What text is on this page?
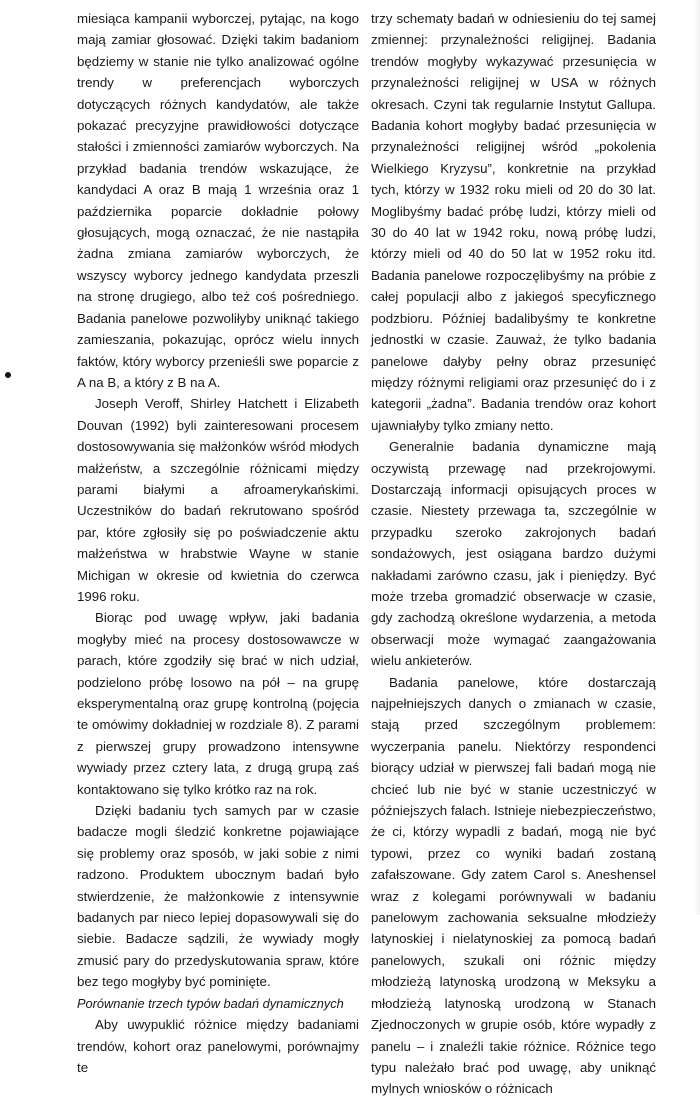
miesiąca kampanii wyborczej, pytając, na kogo mają zamiar głosować. Dzięki takim badaniom będziemy w stanie nie tylko analizować ogólne trendy w preferencjach wyborczych dotyczących różnych kandydatów, ale także pokazać precyzyjne prawidłowości dotyczące stałości i zmienności zamiarów wyborczych. Na przykład badania trendów wskazujące, że kandydaci A oraz B mają 1 września oraz 1 października poparcie dokładnie połowy głosujących, mogą oznaczać, że nie nastąpiła żadna zmiana zamiarów wyborczych, że wszyscy wyborcy jednego kandydata przeszli na stronę drugiego, albo też coś pośredniego. Badania panelowe pozwoliłyby uniknąć takiego zamieszania, pokazując, oprócz wielu innych faktów, który wyborcy przenieśli swe poparcie z A na B, a który z B na A.

Joseph Veroff, Shirley Hatchett i Elizabeth Douvan (1992) byli zainteresowani procesem dostosowywania się małżonków wśród młodych małżeństw, a szczególnie różnicami między parami białymi a afroamerykańskimi. Uczestników do badań rekrutowano spośród par, które zgłosiły się po poświadczenie aktu małżeństwa w hrabstwie Wayne w stanie Michigan w okresie od kwietnia do czerwca 1996 roku.

Biorąc pod uwagę wpływ, jaki badania mogłyby mieć na procesy dostosowawcze w parach, które zgodziły się brać w nich udział, podzielono próbę losowo na pół – na grupę eksperymentalną oraz grupę kontrolną (pojęcia te omówimy dokładniej w rozdziale 8). Z parami z pierwszej grupy prowadzono intensywne wywiady przez cztery lata, z drugą grupą zaś kontaktowano się tylko krótko raz na rok.

Dzięki badaniu tych samych par w czasie badacze mogli śledzić konkretne pojawiające się problemy oraz sposób, w jaki sobie z nimi radzono. Produktem ubocznym badań było stwierdzenie, że małżonkowie z intensywnie badanych par nieco lepiej dopasowywali się do siebie. Badacze sądzili, że wywiady mogły zmusić pary do przedyskutowania spraw, które bez tego mogłyby być pominięte.

Porównanie trzech typów badań dynamicznych

Aby uwypuklić różnice między badaniami trendów, kohort oraz panelowymi, porównajmy te

trzy schematy badań w odniesieniu do tej samej zmiennej: przynależności religijnej. Badania trendów mogłyby wykazywać przesunięcia w przynależności religijnej w USA w różnych okresach. Czyni tak regularnie Instytut Gallupa. Badania kohort mogłyby badać przesunięcia w przynależności religijnej wśród „pokolenia Wielkiego Kryzysu”, konkretnie na przykład tych, którzy w 1932 roku mieli od 20 do 30 lat. Moglibyśmy badać próbę ludzi, którzy mieli od 30 do 40 lat w 1942 roku, nową próbę ludzi, którzy mieli od 40 do 50 lat w 1952 roku itd. Badania panelowe rozpoczęlibyśmy na próbie z całej populacji albo z jakiegoś specyficznego podzbioru. Później badalibyśmy te konkretne jednostki w czasie. Zauważ, że tylko badania panelowe dałyby pełny obraz przesunięć między różnymi religiami oraz przesunięć do i z kategorii „żadna”. Badania trendów oraz kohort ujawniałyby tylko zmiany netto.

Generalnie badania dynamiczne mają oczywistą przewagę nad przekrojowymi. Dostarczają informacji opisujących proces w czasie. Niestety przewaga ta, szczególnie w przypadku szeroko zakrojonych badań sondażowych, jest osiągana bardzo dużymi nakładami zarówno czasu, jak i pieniędzy. Być może trzeba gromadzić obserwacje w czasie, gdy zachodzą określone wydarzenia, a metoda obserwacji może wymagać zaangażowania wielu ankieterów.

Badania panelowe, które dostarczają najpełniejszych danych o zmianach w czasie, stają przed szczególnym problemem: wyczerpania panelu. Niektórzy respondenci biorący udział w pierwszej fali badań mogą nie chcieć lub nie być w stanie uczestniczyć w późniejszych falach. Istnieje niebezpieczeństwo, że ci, którzy wypadli z badań, mogą nie być typowi, przez co wyniki badań zostaną zafałszowane. Gdy zatem Carol s. Aneshensel wraz z kolegami porównywali w badaniu panelowym zachowania seksualne młodzieży latynoskiej i nielatynoskiej za pomocą badań panelowych, szukali oni różnic między młodzieżą latynoską urodzoną w Meksyku a młodzieżą latynoską urodzoną w Stanach Zjednoczonych w grupie osób, które wypadły z panelu – i znaleźli takie różnice. Różnice tego typu należało brać pod uwagę, aby uniknąć mylnych wniosków o różnicach
